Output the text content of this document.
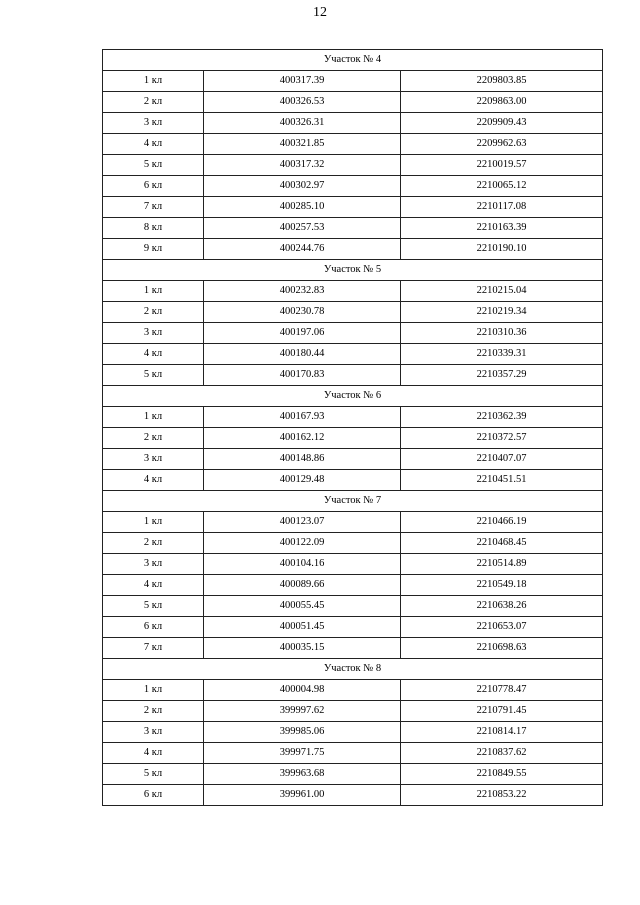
12
Участок № 4		
1 кл	400317.39	2209803.85
2 кл	400326.53	2209863.00
3 кл	400326.31	2209909.43
4 кл	400321.85	2209962.63
5 кл	400317.32	2210019.57
6 кл	400302.97	2210065.12
7 кл	400285.10	2210117.08
8 кл	400257.53	2210163.39
9 кл	400244.76	2210190.10
Участок № 5		
1 кл	400232.83	2210215.04
2 кл	400230.78	2210219.34
3 кл	400197.06	2210310.36
4 кл	400180.44	2210339.31
5 кл	400170.83	2210357.29
Участок № 6		
1 кл	400167.93	2210362.39
2 кл	400162.12	2210372.57
3 кл	400148.86	2210407.07
4 кл	400129.48	2210451.51
Участок № 7		
1 кл	400123.07	2210466.19
2 кл	400122.09	2210468.45
3 кл	400104.16	2210514.89
4 кл	400089.66	2210549.18
5 кл	400055.45	2210638.26
6 кл	400051.45	2210653.07
7 кл	400035.15	2210698.63
Участок № 8		
1 кл	400004.98	2210778.47
2 кл	399997.62	2210791.45
3 кл	399985.06	2210814.17
4 кл	399971.75	2210837.62
5 кл	399963.68	2210849.55
6 кл	399961.00	2210853.22
